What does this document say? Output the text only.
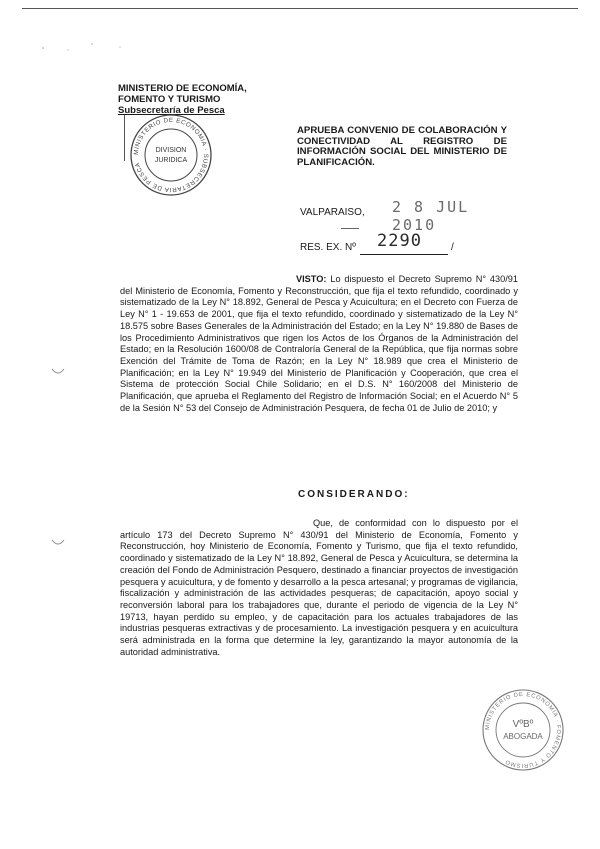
MINISTERIO DE ECONOMÍA,
FOMENTO Y TURISMO
Subsecretaría de Pesca
MINISTERIO DE ECONOMIA · SUBSECRETARIA DE PESCA
DIVISION
JURIDICA
APRUEBA CONVENIO DE COLABORACIÓN Y CONECTIVIDAD AL REGISTRO DE INFORMACIÓN SOCIAL DEL MINISTERIO DE PLANIFICACIÓN.
VALPARAISO, 2 8 JUL 2010
RES. EX. Nº 2290	/
VISTO: Lo dispuesto el Decreto Supremo N° 430/91 del Ministerio de Economía, Fomento y Reconstrucción, que fija el texto refundido, coordinado y sistematizado de la Ley N° 18.892, General de Pesca y Acuicultura; en el Decreto con Fuerza de Ley N° 1 - 19.653 de 2001, que fija el texto refundido, coordinado y sistematizado de la Ley N° 18.575 sobre Bases Generales de la Administración del Estado; en la Ley N° 19.880 de Bases de los Procedimiento Administrativos que rigen los Actos de los Órganos de la Administración del Estado; en la Resolución 1600/08 de Contraloría General de la República, que fija normas sobre Exención del Trámite de Toma de Razón; en la Ley N° 18.989 que crea el Ministerio de Planificación; en la Ley N° 19.949 del Ministerio de Planificación y Cooperación, que crea el Sistema de protección Social Chile Solidario; en el D.S. N° 160/2008 del Ministerio de Planificación, que aprueba el Reglamento del Registro de Información Social; en el Acuerdo N° 5 de la Sesión N° 53 del Consejo de Administración Pesquera, de fecha 01 de Julio de 2010; y
CONSIDERANDO:
Que, de conformidad con lo dispuesto por el artículo 173 del Decreto Supremo N° 430/91 del Ministerio de Economía, Fomento y Reconstrucción, hoy Ministerio de Economía, Fomento y Turismo, que fija el texto refundido, coordinado y sistematizado de la Ley N° 18.892, General de Pesca y Acuicultura, se determina la creación del Fondo de Administración Pesquero, destinado a financiar proyectos de investigación pesquera y acuicultura, y de fomento y desarrollo a la pesca artesanal; y programas de vigilancia, fiscalización y administración de las actividades pesqueras; de capacitación, apoyo social y reconversión laboral para los trabajadores que, durante el periodo de vigencia de la Ley N° 19713, hayan perdido su empleo, y de capacitación para los actuales trabajadores de las industrias pesqueras extractivas y de procesamiento. La investigación pesquera y en acuicultura será administrada en la forma que determine la ley, garantizando la mayor autonomía de la autoridad administrativa.
MINISTERIO DE ECONOMIA · FOMENTO Y TURISMO
VºBº
ABOGADA
